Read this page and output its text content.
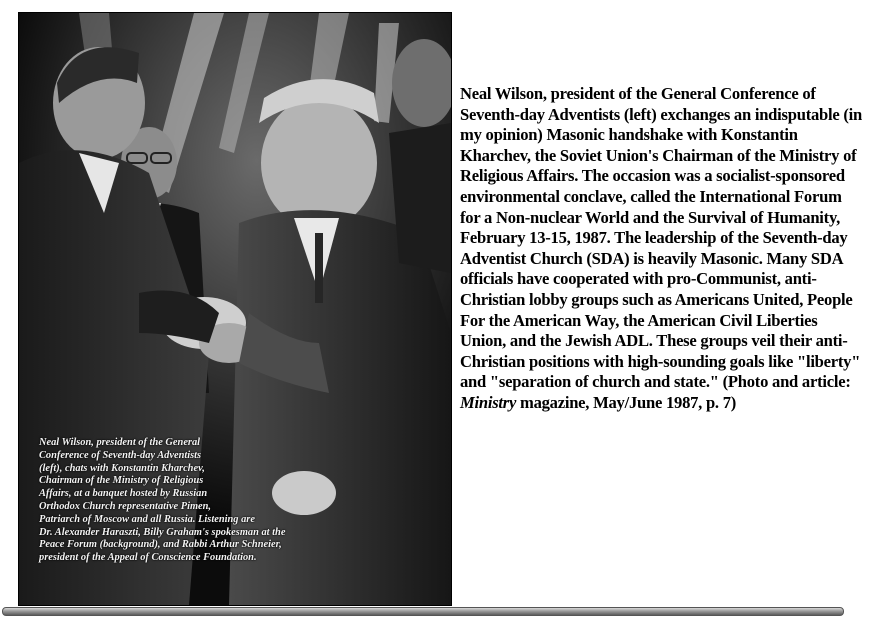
Neal Wilson, president of the General
Conference of Seventh-day Adventists
(left), chats with Konstantin Kharchev,
Chairman of the Ministry of Religious
Affairs, at a banquet hosted by Russian
Orthodox Church representative Pimen,
Patriarch of Moscow and all Russia. Listening are
Dr. Alexander Haraszti, Billy Graham's spokesman at the
Peace Forum (background), and Rabbi Arthur Schneier,
president of the Appeal of Conscience Foundation.
Neal Wilson, president of the General Conference of Seventh-day Adventists (left) exchanges an indisputable (in my opinion) Masonic handshake with Konstantin Kharchev, the Soviet Union's Chairman of the Ministry of Religious Affairs. The occasion was a socialist-sponsored environmental conclave, called the International Forum for a Non-nuclear World and the Survival of Humanity, February 13-15, 1987. The leadership of the Seventh-day Adventist Church (SDA) is heavily Masonic. Many SDA officials have cooperated with pro-Communist, anti-Christian lobby groups such as Americans United, People For the American Way, the American Civil Liberties Union, and the Jewish ADL. These groups veil their anti-Christian positions with high-sounding goals like "liberty" and "separation of church and state." (Photo and article: Ministry magazine, May/June 1987, p. 7)
